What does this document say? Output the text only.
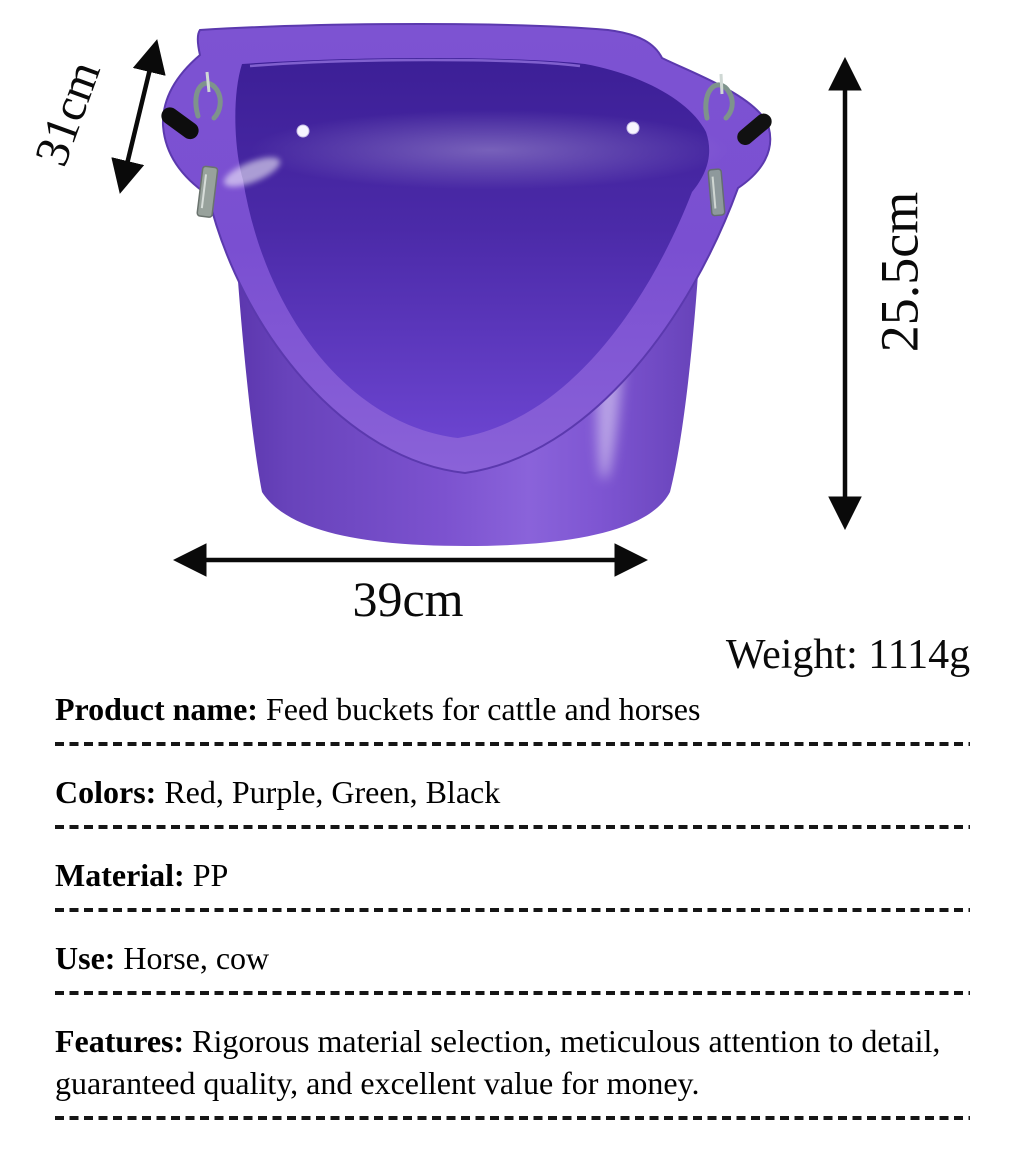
31cm
25.5cm
39cm
Weight: 1114g

Product name: Feed buckets for cattle and horses

Colors: Red, Purple, Green, Black

Material: PP

Use: Horse, cow

Features: Rigorous material selection, meticulous attention to detail, guaranteed quality, and excellent value for money.
